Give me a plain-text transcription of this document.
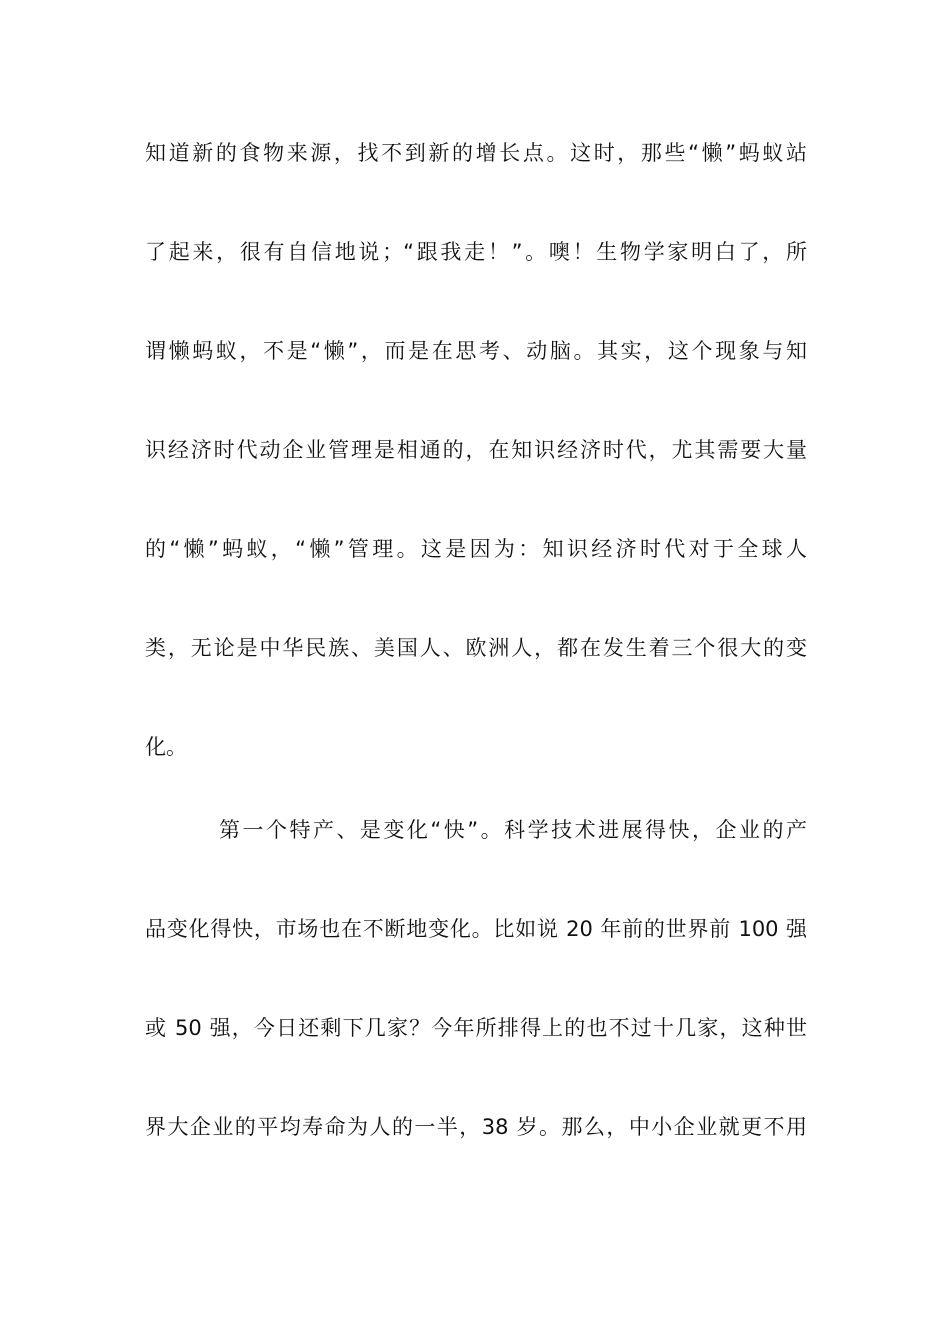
知道新的食物来源，找不到新的增长点。这时，那些“懒”蚂蚁站
了起来，很有自信地说；“跟我走！”。噢！生物学家明白了，所
谓懒蚂蚁，不是“懒”，而是在思考、动脑。其实，这个现象与知
识经济时代动企业管理是相通的，在知识经济时代，尤其需要大量
的“懒”蚂蚁，“懒”管理。这是因为：知识经济时代对于全球人
类，无论是中华民族、美国人、欧洲人，都在发生着三个很大的变
化。
第一个特产、是变化“快”。科学技术进展得快，企业的产
品变化得快，市场也在不断地变化。比如说 20 年前的世界前 100 强
或 50 强，今日还剩下几家？今年所排得上的也不过十几家，这种世
界大企业的平均寿命为人的一半，38 岁。那么，中小企业就更不用
